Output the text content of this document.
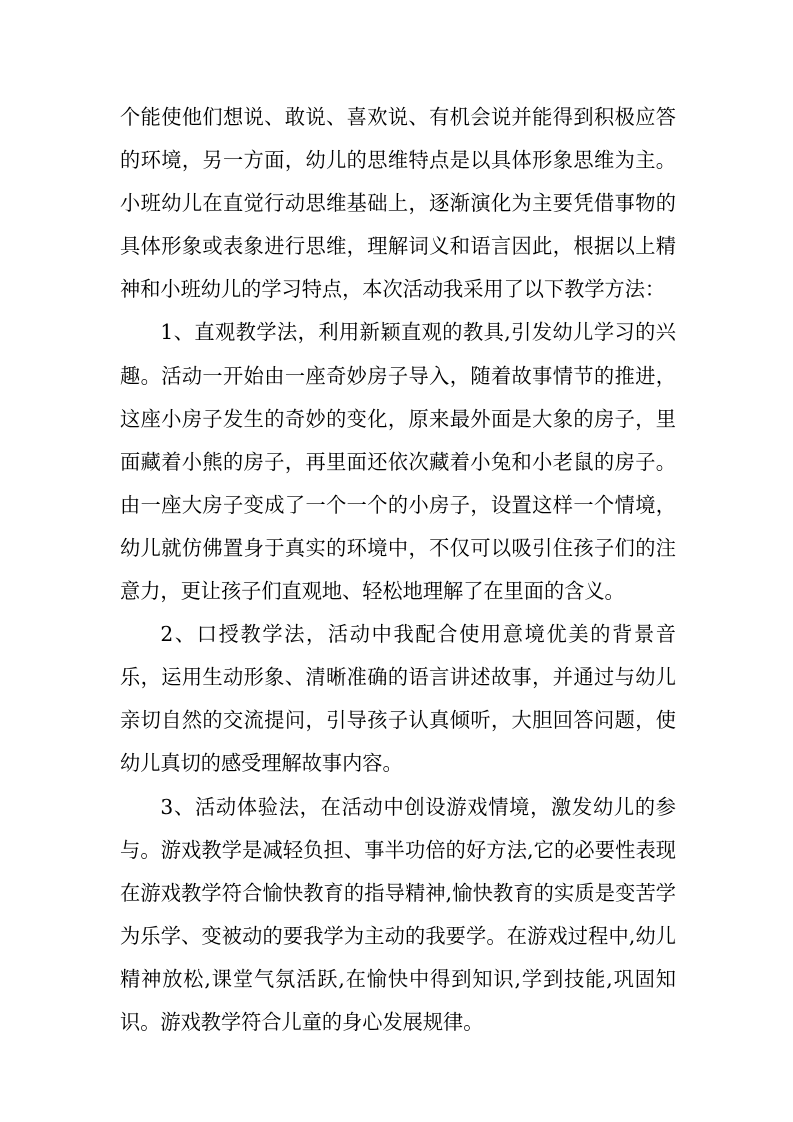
个能使他们想说、敢说、喜欢说、有机会说并能得到积极应答的环境，另一方面，幼儿的思维特点是以具体形象思维为主。小班幼儿在直觉行动思维基础上，逐渐演化为主要凭借事物的具体形象或表象进行思维，理解词义和语言因此，根据以上精神和小班幼儿的学习特点，本次活动我采用了以下教学方法：

1、直观教学法，利用新颖直观的教具,引发幼儿学习的兴趣。活动一开始由一座奇妙房子导入，随着故事情节的推进，这座小房子发生的奇妙的变化，原来最外面是大象的房子，里面藏着小熊的房子，再里面还依次藏着小兔和小老鼠的房子。由一座大房子变成了一个一个的小房子，设置这样一个情境，幼儿就仿佛置身于真实的环境中，不仅可以吸引住孩子们的注意力，更让孩子们直观地、轻松地理解了在里面的含义。

2、口授教学法，活动中我配合使用意境优美的背景音乐，运用生动形象、清晰准确的语言讲述故事，并通过与幼儿亲切自然的交流提问，引导孩子认真倾听，大胆回答问题，使幼儿真切的感受理解故事内容。

3、活动体验法，在活动中创设游戏情境，激发幼儿的参与。游戏教学是减轻负担、事半功倍的好方法,它的必要性表现在游戏教学符合愉快教育的指导精神,愉快教育的实质是变苦学为乐学、变被动的要我学为主动的我要学。在游戏过程中,幼儿精神放松,课堂气氛活跃,在愉快中得到知识,学到技能,巩固知识。游戏教学符合儿童的身心发展规律。
